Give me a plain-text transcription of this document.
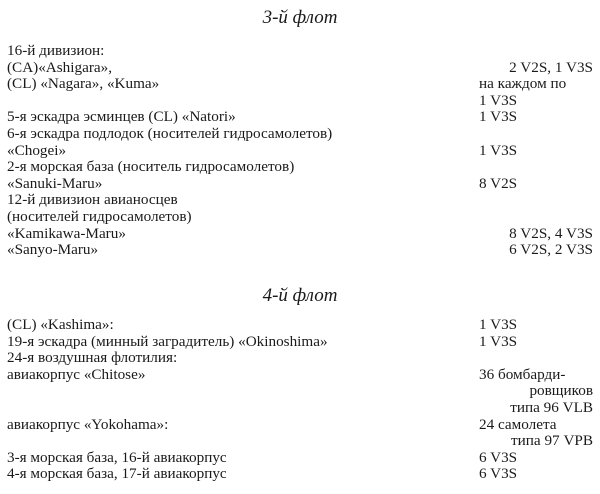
3-й флот
16-й дивизион:
(CA)«Ashigara»,	2 V2S, 1 V3S
(CL) «Nagara», «Kuma»	на каждом по

1 V3S
5-я эскадра эсминцев (CL) «Natori»	1 V3S
6-я эскадра подлодок (носителей гидросамолетов)
«Chogei»	1 V3S
2-я морская база (носитель гидросамолетов)
«Sanuki-Maru»	8 V2S
12-й дивизион авианосцев
(носителей гидросамолетов)
«Kamikawa-Maru»	8 V2S, 4 V3S
«Sanyo-Maru»	6 V2S, 2 V3S
4-й флот
(CL) «Kashima»:	1 V3S
19-я эскадра (минный заградитель) «Okinoshima»	1 V3S
24-я воздушная флотилия:
авиакорпус «Chitose»	36 бомбарди-

ровщиков

типа 96 VLB
авиакорпус «Yokohama»:	24 самолета

типа 97 VPB
3-я морская база, 16-й авиакорпус	6 V3S
4-я морская база, 17-й авиакорпус	6 V3S
